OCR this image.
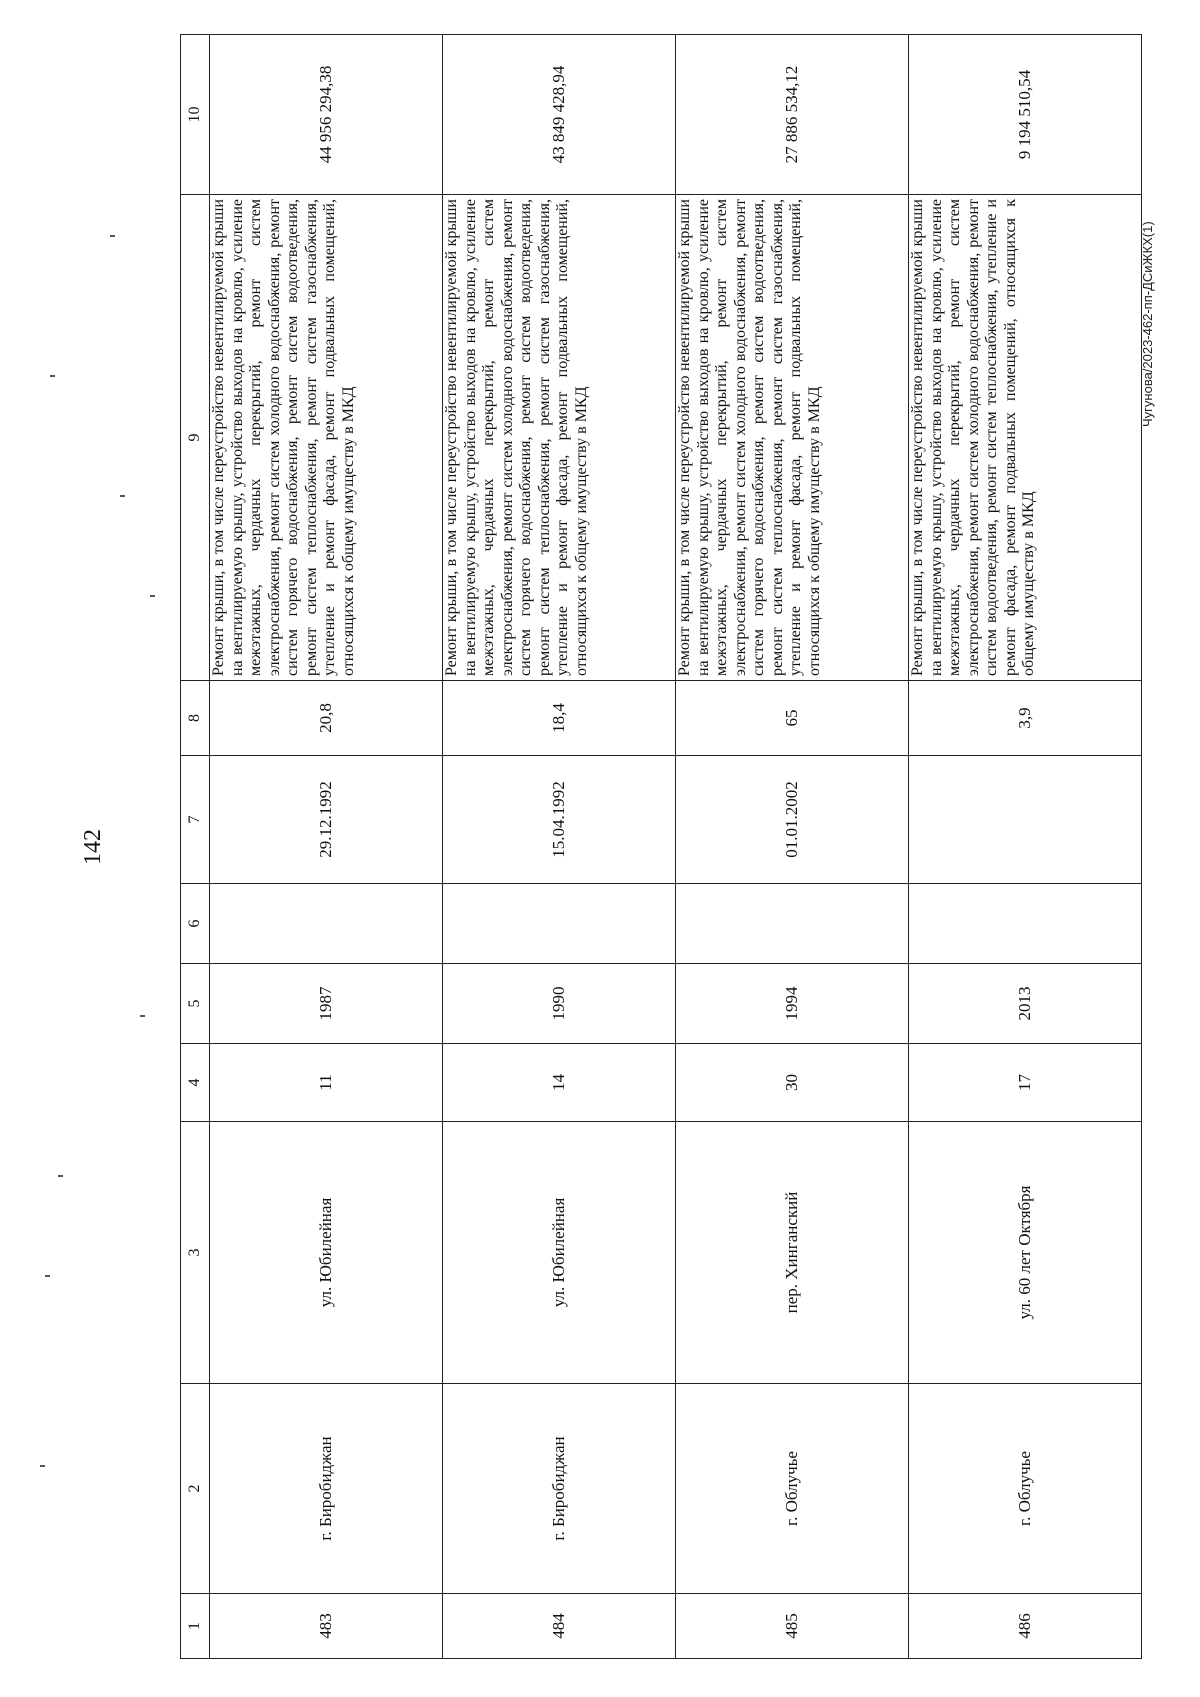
142
1	2	3	4	5	6	7	8	9	10
483	г. Биробиджан	ул. Юбилейная	11	1987		29.12.1992	20,8	Ремонт крыши, в том числе переустройство невентилируемой крыши на вентилируемую крышу, устройство выходов на кровлю, усиление межэтажных, чердачных перекрытий, ремонт систем электроснабжения, ремонт систем холодного водоснабжения, ремонт систем горячего водоснабжения, ремонт систем водоотведения, ремонт систем теплоснабжения, ремонт систем газоснабжения, утепление и ремонт фасада, ремонт подвальных помещений, относящихся к общему имуществу в МКД	44 956 294,38
484	г. Биробиджан	ул. Юбилейная	14	1990		15.04.1992	18,4	Ремонт крыши, в том числе переустройство невентилируемой крыши на вентилируемую крышу, устройство выходов на кровлю, усиление межэтажных, чердачных перекрытий, ремонт систем электроснабжения, ремонт систем холодного водоснабжения, ремонт систем горячего водоснабжения, ремонт систем водоотведения, ремонт систем теплоснабжения, ремонт систем газоснабжения, утепление и ремонт фасада, ремонт подвальных помещений, относящихся к общему имуществу в МКД	43 849 428,94
485	г. Облучье	пер. Хинганский	30	1994		01.01.2002	65	Ремонт крыши, в том числе переустройство невентилируемой крыши на вентилируемую крышу, устройство выходов на кровлю, усиление межэтажных, чердачных перекрытий, ремонт систем электроснабжения, ремонт систем холодного водоснабжения, ремонт систем горячего водоснабжения, ремонт систем водоотведения, ремонт систем теплоснабжения, ремонт систем газоснабжения, утепление и ремонт фасада, ремонт подвальных помещений, относящихся к общему имуществу в МКД	27 886 534,12
486	г. Облучье	ул. 60 лет Октября	17	2013			3,9	Ремонт крыши, в том числе переустройство невентилируемой крыши на вентилируемую крышу, устройство выходов на кровлю, усиление межэтажных, чердачных перекрытий, ремонт систем электроснабжения, ремонт систем холодного водоснабжения, ремонт систем водоотведения, ремонт систем теплоснабжения, утепление и ремонт фасада, ремонт подвальных помещений, относящихся к общему имуществу в МКД	9 194 510,54
Чугунова/2023-462-пп-ДСиЖКХ(1)
